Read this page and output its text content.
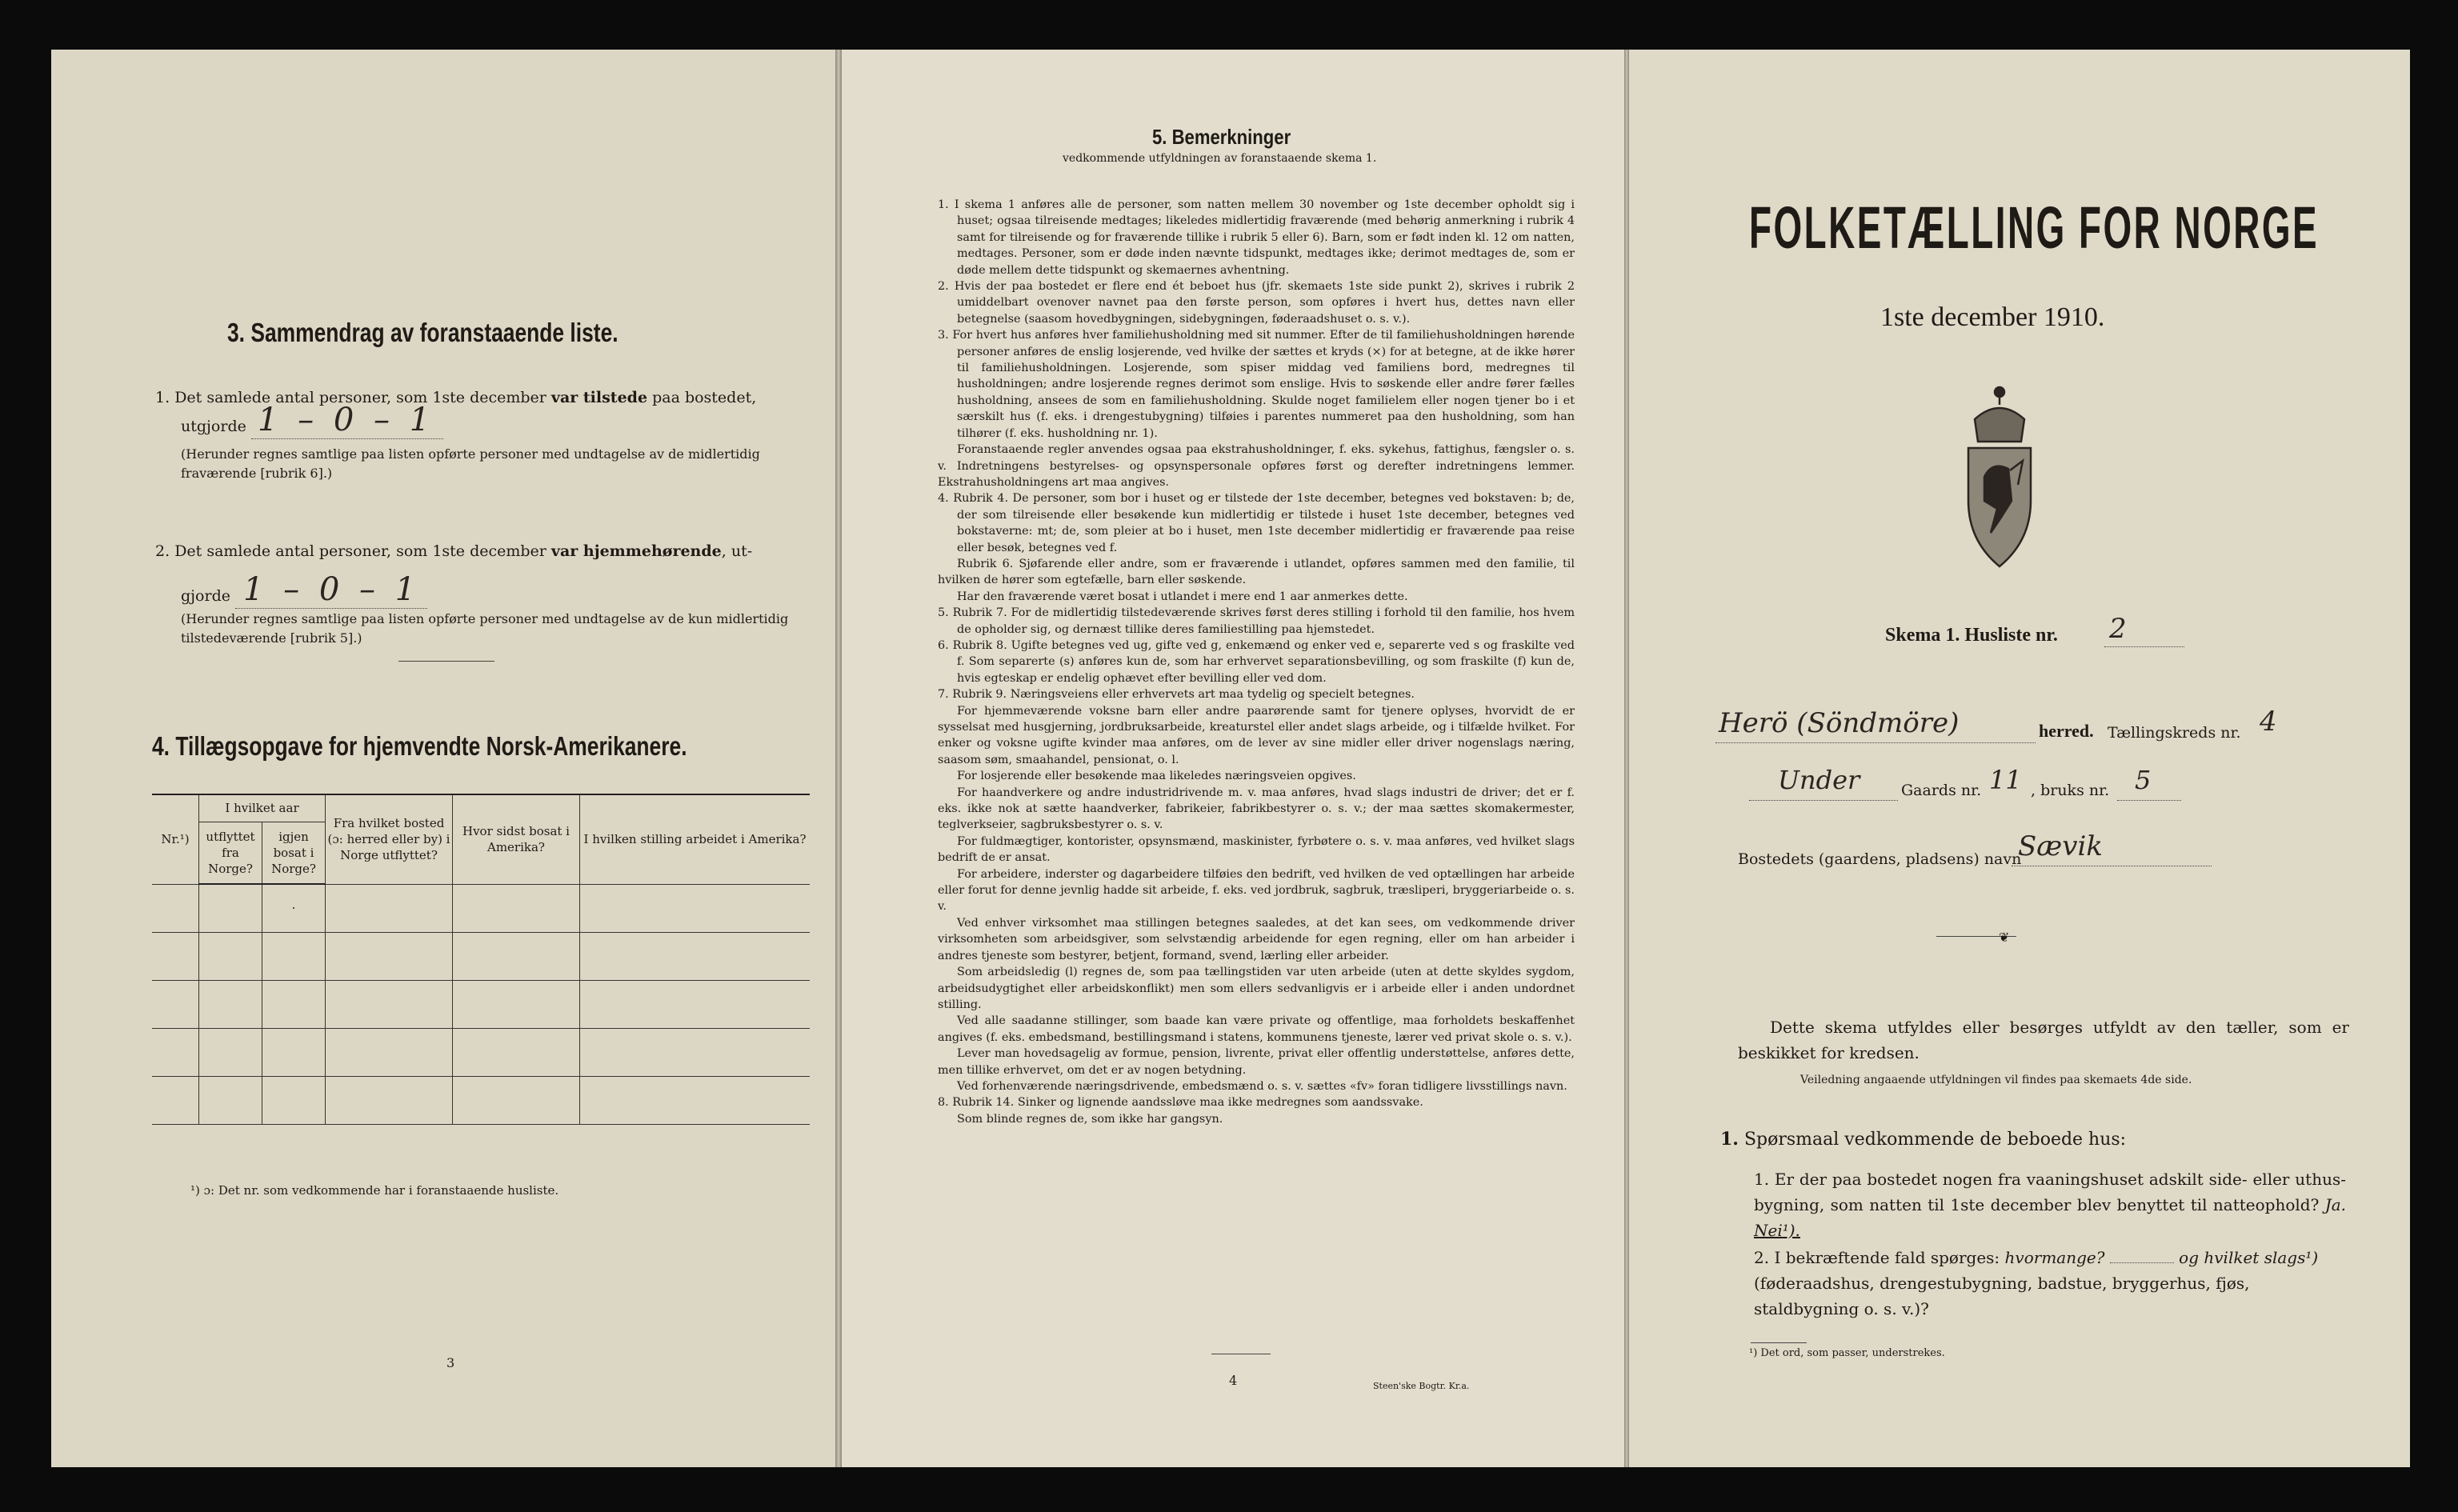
3. Sammendrag av foranstaaende liste.
1. Det samlede antal personer, som 1ste december var tilstede paa bostedet,
utgjorde 1 – 0 – 1
(Herunder regnes samtlige paa listen opførte personer med undtagelse av de midlertidig fraværende [rubrik 6].)
2. Det samlede antal personer, som 1ste december var hjemmehørende, ut-
gjorde 1 – 0 – 1
(Herunder regnes samtlige paa listen opførte personer med undtagelse av de kun midlertidig tilstedeværende [rubrik 5].)
4. Tillægsopgave for hjemvendte Norsk-Amerikanere.
Nr.¹)	I hvilket aar		Fra hvilket bosted (ɔ: herred eller by) i Norge utflyttet?	Hvor sidst bosat i Amerika?	I hvilken stilling arbeidet i Amerika?
	utflyttet fra Norge?	igjen bosat i Norge?			
		·			

¹) ɔ: Det nr. som vedkommende har i foranstaaende husliste.
3
5. Bemerkninger
vedkommende utfyldningen av foranstaaende skema 1.

1. I skema 1 anføres alle de personer, som natten mellem 30 november og 1ste december opholdt sig i huset; ogsaa tilreisende medtages; likeledes midlertidig fraværende (med behørig anmerkning i rubrik 4 samt for tilreisende og for fraværende tillike i rubrik 5 eller 6). Barn, som er født inden kl. 12 om natten, medtages. Personer, som er døde inden nævnte tidspunkt, medtages ikke; derimot medtages de, som er døde mellem dette tidspunkt og skemaernes avhentning.

2. Hvis der paa bostedet er flere end ét beboet hus (jfr. skemaets 1ste side punkt 2), skrives i rubrik 2 umiddelbart ovenover navnet paa den første person, som opføres i hvert hus, dettes navn eller betegnelse (saasom hovedbygningen, sidebygningen, føderaadshuset o. s. v.).

3. For hvert hus anføres hver familiehusholdning med sit nummer. Efter de til familiehusholdningen hørende personer anføres de enslig losjerende, ved hvilke der sættes et kryds (×) for at betegne, at de ikke hører til familiehusholdningen. Losjerende, som spiser middag ved familiens bord, medregnes til husholdningen; andre losjerende regnes derimot som enslige. Hvis to søskende eller andre fører fælles husholdning, ansees de som en familiehusholdning. Skulde noget familielem eller nogen tjener bo i et særskilt hus (f. eks. i drengestubygning) tilføies i parentes nummeret paa den husholdning, som han tilhører (f. eks. husholdning nr. 1).

Foranstaaende regler anvendes ogsaa paa ekstrahusholdninger, f. eks. sykehus, fattighus, fængsler o. s. v. Indretningens bestyrelses- og opsynspersonale opføres først og derefter indretningens lemmer. Ekstrahusholdningens art maa angives.

4. Rubrik 4. De personer, som bor i huset og er tilstede der 1ste december, betegnes ved bokstaven: b; de, der som tilreisende eller besøkende kun midlertidig er tilstede i huset 1ste december, betegnes ved bokstaverne: mt; de, som pleier at bo i huset, men 1ste december midlertidig er fraværende paa reise eller besøk, betegnes ved f.

Rubrik 6. Sjøfarende eller andre, som er fraværende i utlandet, opføres sammen med den familie, til hvilken de hører som egtefælle, barn eller søskende.

Har den fraværende været bosat i utlandet i mere end 1 aar anmerkes dette.

5. Rubrik 7. For de midlertidig tilstedeværende skrives først deres stilling i forhold til den familie, hos hvem de opholder sig, og dernæst tillike deres familiestilling paa hjemstedet.

6. Rubrik 8. Ugifte betegnes ved ug, gifte ved g, enkemænd og enker ved e, separerte ved s og fraskilte ved f. Som separerte (s) anføres kun de, som har erhvervet separationsbevilling, og som fraskilte (f) kun de, hvis egteskap er endelig ophævet efter bevilling eller ved dom.

7. Rubrik 9. Næringsveiens eller erhvervets art maa tydelig og specielt betegnes.

For hjemmeværende voksne barn eller andre paarørende samt for tjenere oplyses, hvorvidt de er sysselsat med husgjerning, jordbruksarbeide, kreaturstel eller andet slags arbeide, og i tilfælde hvilket. For enker og voksne ugifte kvinder maa anføres, om de lever av sine midler eller driver nogenslags næring, saasom søm, smaahandel, pensionat, o. l.

For losjerende eller besøkende maa likeledes næringsveien opgives.

For haandverkere og andre industridrivende m. v. maa anføres, hvad slags industri de driver; det er f. eks. ikke nok at sætte haandverker, fabrikeier, fabrikbestyrer o. s. v.; der maa sættes skomakermester, teglverkseier, sagbruksbestyrer o. s. v.

For fuldmægtiger, kontorister, opsynsmænd, maskinister, fyrbøtere o. s. v. maa anføres, ved hvilket slags bedrift de er ansat.

For arbeidere, inderster og dagarbeidere tilføies den bedrift, ved hvilken de ved optællingen har arbeide eller forut for denne jevnlig hadde sit arbeide, f. eks. ved jordbruk, sagbruk, træsliperi, bryggeriarbeide o. s. v.

Ved enhver virksomhet maa stillingen betegnes saaledes, at det kan sees, om vedkommende driver virksomheten som arbeidsgiver, som selvstændig arbeidende for egen regning, eller om han arbeider i andres tjeneste som bestyrer, betjent, formand, svend, lærling eller arbeider.

Som arbeidsledig (l) regnes de, som paa tællingstiden var uten arbeide (uten at dette skyldes sygdom, arbeidsudygtighet eller arbeidskonflikt) men som ellers sedvanligvis er i arbeide eller i anden undordnet stilling.

Ved alle saadanne stillinger, som baade kan være private og offentlige, maa forholdets beskaffenhet angives (f. eks. embedsmand, bestillingsmand i statens, kommunens tjeneste, lærer ved privat skole o. s. v.).

Lever man hovedsagelig av formue, pension, livrente, privat eller offentlig understøttelse, anføres dette, men tillike erhvervet, om det er av nogen betydning.

Ved forhenværende næringsdrivende, embedsmænd o. s. v. sættes «fv» foran tidligere livsstillings navn.

8. Rubrik 14. Sinker og lignende aandssløve maa ikke medregnes som aandssvake.

Som blinde regnes de, som ikke har gangsyn.

4	Steen'ske Bogtr. Kr.a.
FOLKETÆLLING FOR NORGE
1ste december 1910.
Skema 1. Husliste nr. 2
Herö (Söndmöre)	herred. Tællingskreds nr. 4
Under	Gaards nr. 11 , bruks nr. 5
Bostedets (gaardens, pladsens) navn
Sævik
❦
Dette skema utfyldes eller besørges utfyldt av den tæller, som er beskikket for kredsen.
Veiledning angaaende utfyldningen vil findes paa skemaets 4de side.
1. Spørsmaal vedkommende de beboede hus:
1. Er der paa bostedet nogen fra vaaningshuset adskilt side- eller uthus-bygning, som natten til 1ste december blev benyttet til natteophold? Ja. Nei¹).
2. I bekræftende fald spørges: hvormange?	og hvilket slags¹) (føderaadshus, drengestubygning, badstue, bryggerhus, fjøs, staldbygning o. s. v.)?
¹) Det ord, som passer, understrekes.
